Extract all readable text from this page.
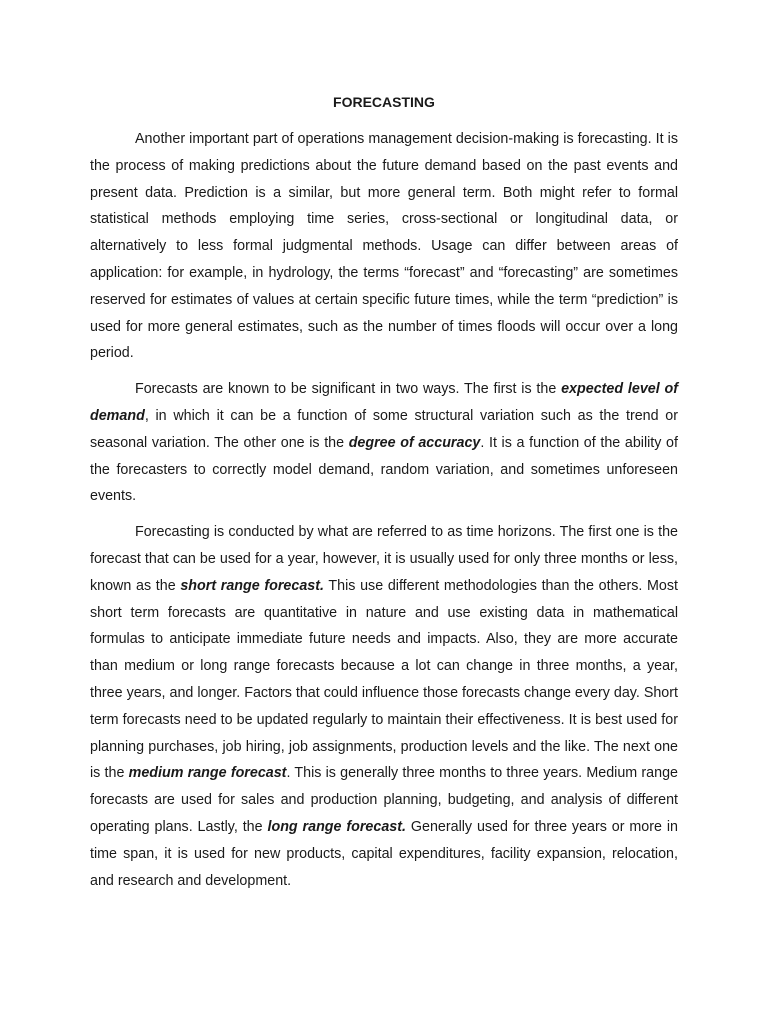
FORECASTING

Another important part of operations management decision-making is forecasting. It is the process of making predictions about the future demand based on the past events and present data. Prediction is a similar, but more general term. Both might refer to formal statistical methods employing time series, cross-sectional or longitudinal data, or alternatively to less formal judgmental methods. Usage can differ between areas of application: for example, in hydrology, the terms “forecast” and “forecasting” are sometimes reserved for estimates of values at certain specific future times, while the term “prediction” is used for more general estimates, such as the number of times floods will occur over a long period.

Forecasts are known to be significant in two ways. The first is the expected level of demand, in which it can be a function of some structural variation such as the trend or seasonal variation. The other one is the degree of accuracy. It is a function of the ability of the forecasters to correctly model demand, random variation, and sometimes unforeseen events.

Forecasting is conducted by what are referred to as time horizons. The first one is the forecast that can be used for a year, however, it is usually used for only three months or less, known as the short range forecast. This use different methodologies than the others. Most short term forecasts are quantitative in nature and use existing data in mathematical formulas to anticipate immediate future needs and impacts. Also, they are more accurate than medium or long range forecasts because a lot can change in three months, a year, three years, and longer. Factors that could influence those forecasts change every day. Short term forecasts need to be updated regularly to maintain their effectiveness. It is best used for planning purchases, job hiring, job assignments, production levels and the like. The next one is the medium range forecast. This is generally three months to three years. Medium range forecasts are used for sales and production planning, budgeting, and analysis of different operating plans. Lastly, the long range forecast. Generally used for three years or more in time span, it is used for new products, capital expenditures, facility expansion, relocation, and research and development.
